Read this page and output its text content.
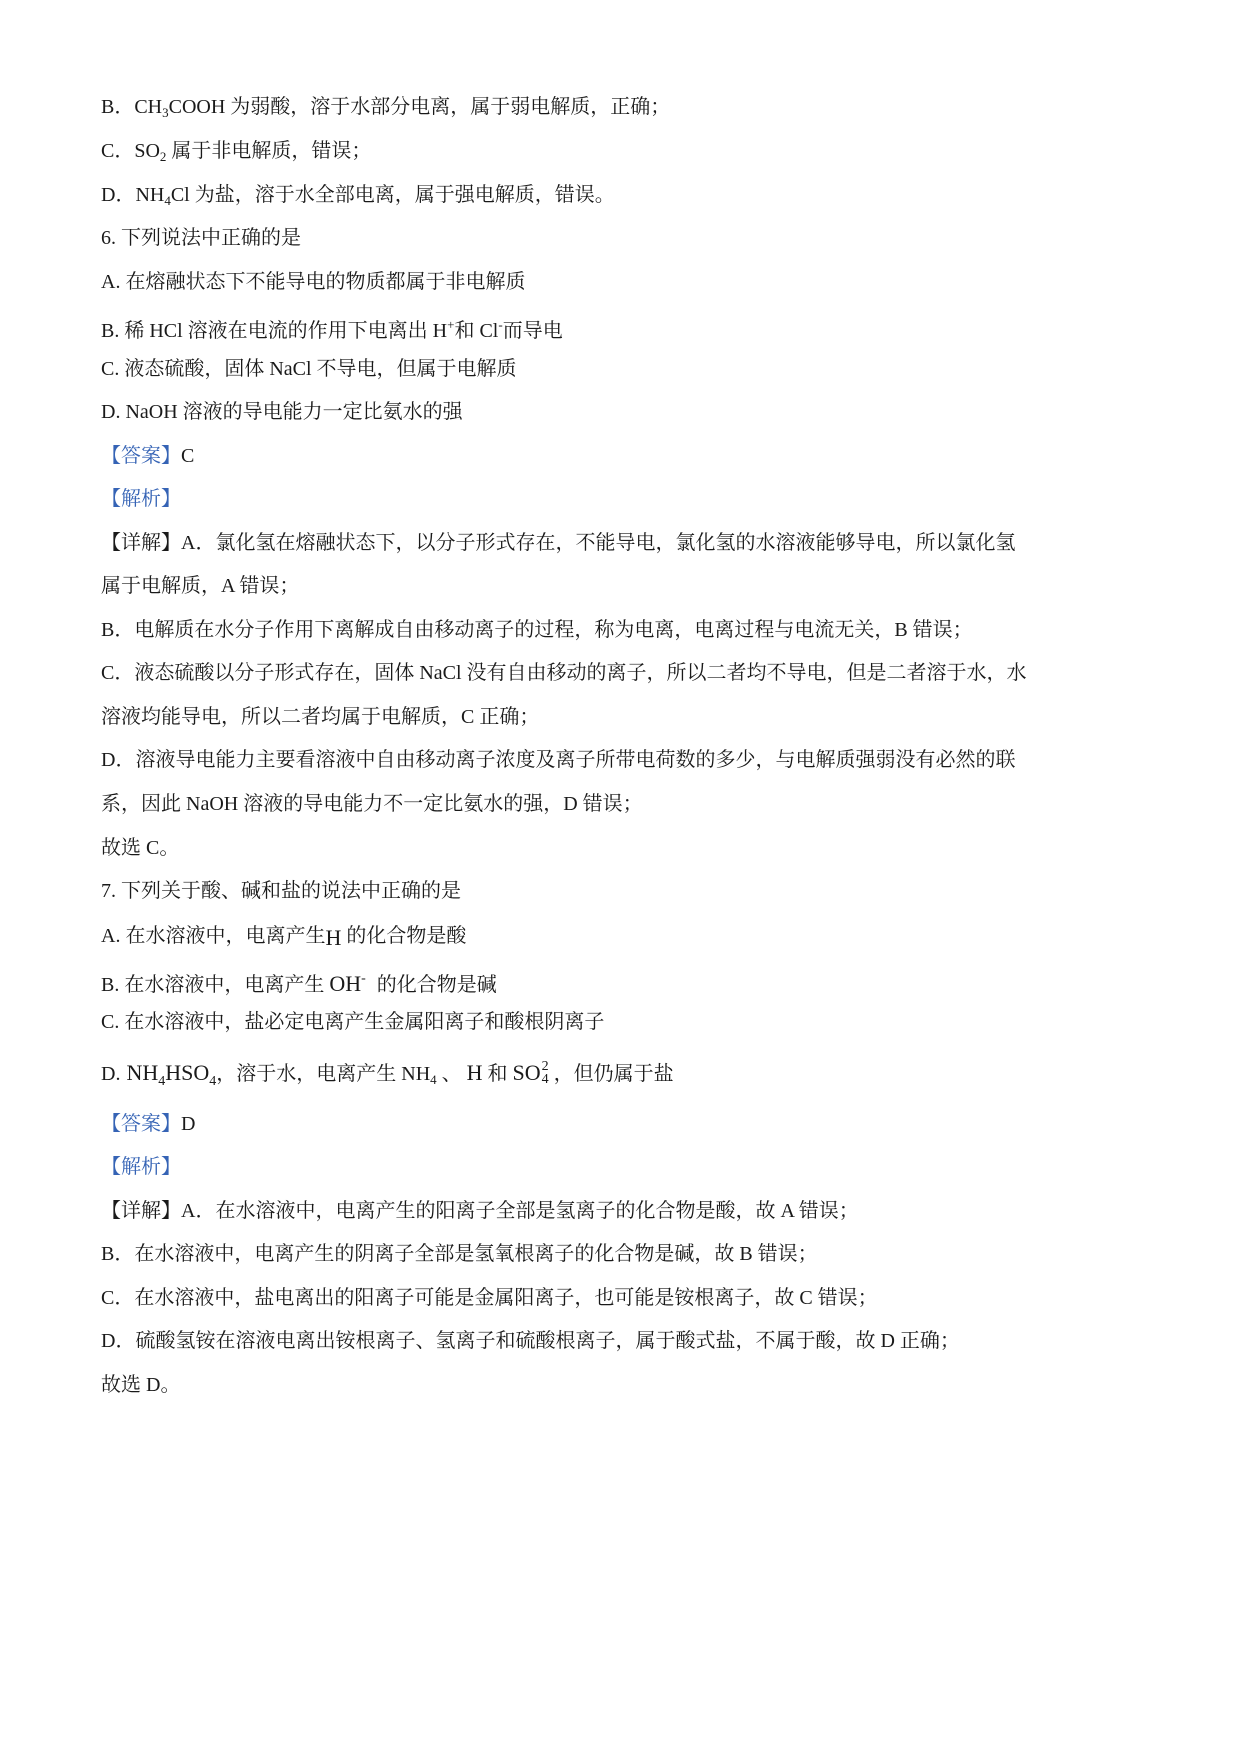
B．$CH_3COOH$ 为弱酸，溶于水部分电离，属于弱电解质，正确；
C．$SO_2$ 属于非电解质，错误；
D．$NH_4Cl$ 为盐，溶于水全部电离，属于强电解质，错误。
6. 下列说法中正确的是
A. 在熔融状态下不能导电的物质都属于非电解质
B. 稀 HCl 溶液在电流的作用下电离出 H+和 Cl-而导电
C. 液态硫酸，固体 NaCl 不导电，但属于电解质
D. NaOH 溶液的导电能力一定比氨水的强
【答案】C
【解析】
【详解】A．氯化氢在熔融状态下，以分子形式存在，不能导电，氯化氢的水溶液能够导电，所以氯化氢
属于电解质，A 错误；
B．电解质在水分子作用下离解成自由移动离子的过程，称为电离，电离过程与电流无关，B 错误；
C．液态硫酸以分子形式存在，固体 NaCl 没有自由移动的离子，所以二者均不导电，但是二者溶于水，水
溶液均能导电，所以二者均属于电解质，C 正确；
D．溶液导电能力主要看溶液中自由移动离子浓度及离子所带电荷数的多少，与电解质强弱没有必然的联
系，因此 NaOH 溶液的导电能力不一定比氨水的强，D 错误；
故选 C。
7. 下列关于酸、碱和盐的说法中正确的是
A. 在水溶液中，电离产生H 的化合物是酸
B. 在水溶液中，电离产生 OH- 的化合物是碱
C. 在水溶液中，盐必定电离产生金属阳离子和酸根阴离子
D. $NH_4HSO_4$，溶于水，电离产生 $NH_4$ 、 H 和 SO 2
4 ，但仍属于盐
【答案】D
【解析】
【详解】A．在水溶液中，电离产生的阳离子全部是氢离子的化合物是酸，故 A 错误；
B．在水溶液中，电离产生的阴离子全部是氢氧根离子的化合物是碱，故 B 错误；
C．在水溶液中，盐电离出的阳离子可能是金属阳离子，也可能是铵根离子，故 C 错误；
D．硫酸氢铵在溶液电离出铵根离子、氢离子和硫酸根离子，属于酸式盐，不属于酸，故 D 正确；
故选 D。
